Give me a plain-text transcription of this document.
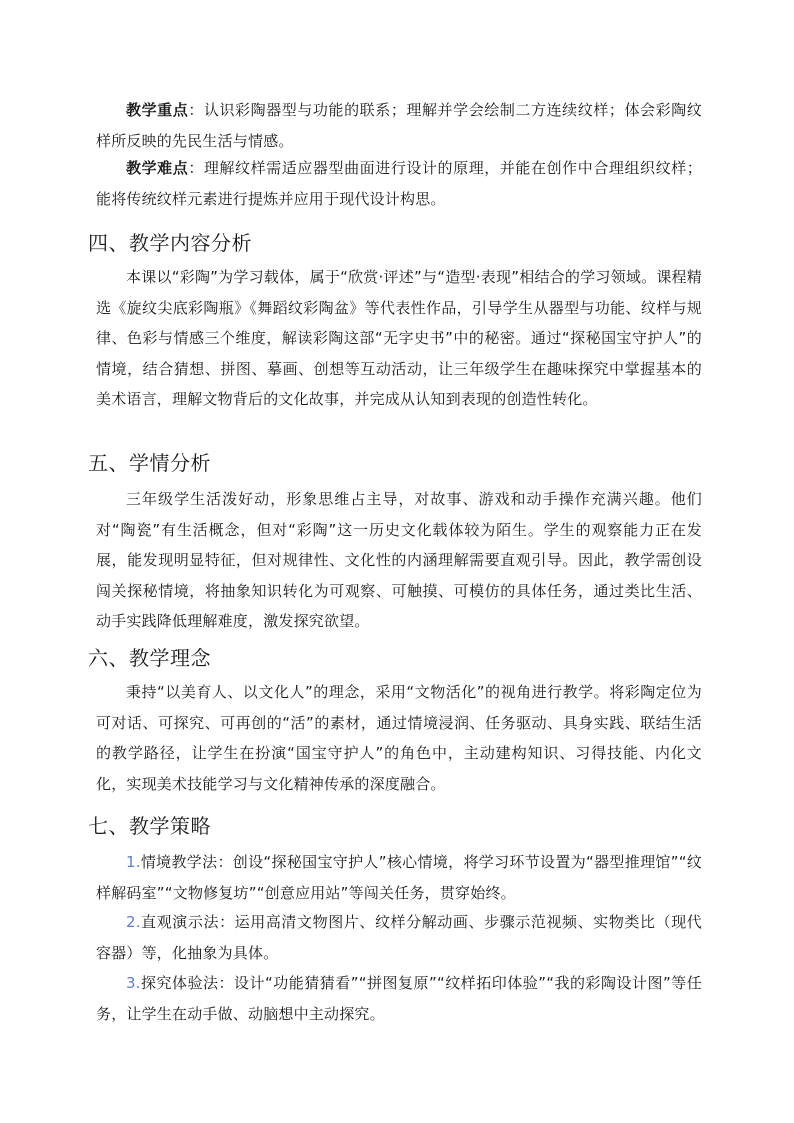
教学重点：认识彩陶器型与功能的联系；理解并学会绘制二方连续纹样；体会彩陶纹样所反映的先民生活与情感。

教学难点：理解纹样需适应器型曲面进行设计的原理，并能在创作中合理组织纹样；能将传统纹样元素进行提炼并应用于现代设计构思。

四、教学内容分析

本课以“彩陶”为学习载体，属于“欣赏·评述”与“造型·表现”相结合的学习领域。课程精选《旋纹尖底彩陶瓶》《舞蹈纹彩陶盆》等代表性作品，引导学生从器型与功能、纹样与规律、色彩与情感三个维度，解读彩陶这部“无字史书”中的秘密。通过“探秘国宝守护人”的情境，结合猜想、拼图、摹画、创想等互动活动，让三年级学生在趣味探究中掌握基本的美术语言，理解文物背后的文化故事，并完成从认知到表现的创造性转化。

五、学情分析

三年级学生活泼好动，形象思维占主导，对故事、游戏和动手操作充满兴趣。他们对“陶瓷”有生活概念，但对“彩陶”这一历史文化载体较为陌生。学生的观察能力正在发展，能发现明显特征，但对规律性、文化性的内涵理解需要直观引导。因此，教学需创设闯关探秘情境，将抽象知识转化为可观察、可触摸、可模仿的具体任务，通过类比生活、动手实践降低理解难度，激发探究欲望。

六、教学理念

秉持“以美育人、以文化人”的理念，采用“文物活化”的视角进行教学。将彩陶定位为可对话、可探究、可再创的“活”的素材，通过情境浸润、任务驱动、具身实践、联结生活的教学路径，让学生在扮演“国宝守护人”的角色中，主动建构知识、习得技能、内化文化，实现美术技能学习与文化精神传承的深度融合。

七、教学策略

1.情境教学法：创设“探秘国宝守护人”核心情境，将学习环节设置为“器型推理馆”“纹样解码室”“文物修复坊”“创意应用站”等闯关任务，贯穿始终。

2.直观演示法：运用高清文物图片、纹样分解动画、步骤示范视频、实物类比（现代容器）等，化抽象为具体。

3.探究体验法：设计“功能猜猜看”“拼图复原”“纹样拓印体验”“我的彩陶设计图”等任务，让学生在动手做、动脑想中主动探究。
